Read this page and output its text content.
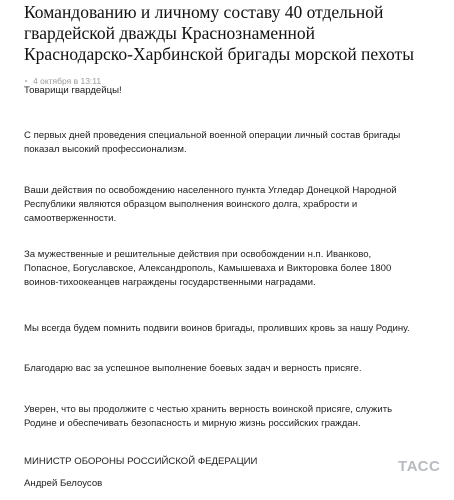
Командованию и личному составу 40 отдельной
гвардейской дважды Краснознаменной
Краснодарско-Харбинской бригады морской пехоты
4 октября в 13:11

Товарищи гвардейцы!

С первых дней проведения специальной военной операции личный состав бригады
показал высокий профессионализм.

Ваши действия по освобождению населенного пункта Угледар Донецкой Народной
Республики являются образцом выполнения воинского долга, храбрости и
самоотверженности.

За мужественные и решительные действия при освобождении н.п. Иванково,
Попасное, Богуславское, Александрополь, Камышеваха и Викторовка более 1800
воинов-тихоокеанцев награждены государственными наградами.

Мы всегда будем помнить подвиги воинов бригады, проливших кровь за нашу Родину.

Благодарю вас за успешное выполнение боевых задач и верность присяге.

Уверен, что вы продолжите с честью хранить верность воинской присяге, служить
Родине и обеспечивать безопасность и мирную жизнь российских граждан.

МИНИСТР ОБОРОНЫ РОССИЙСКОЙ ФЕДЕРАЦИИ

Андрей Белоусов

ТАСС
